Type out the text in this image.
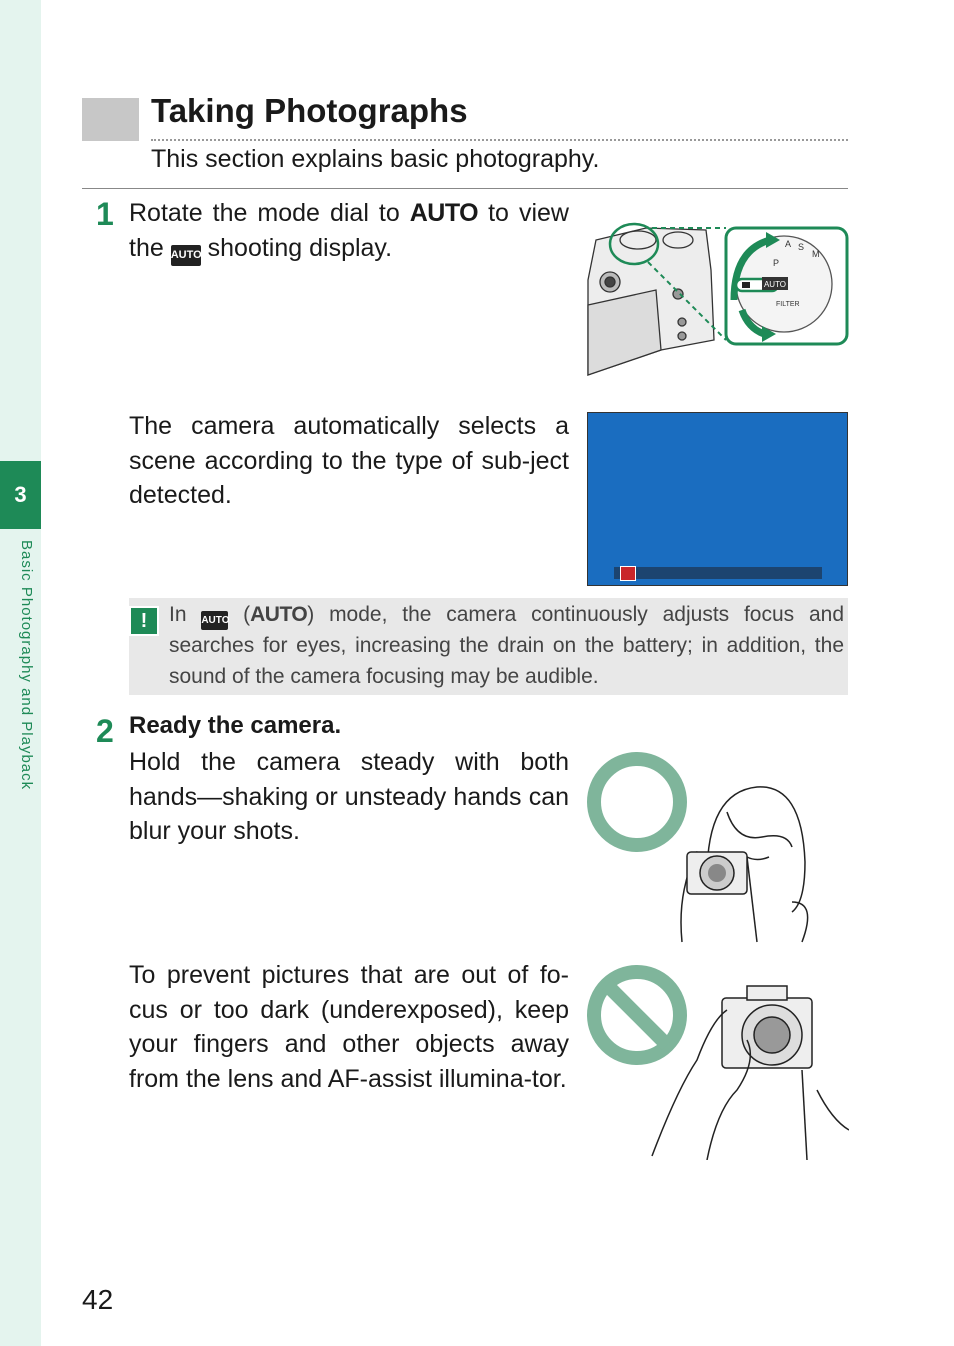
3
Basic Photography and Playback
Taking Photographs
This section explains basic photography.
1 Rotate the mode dial to AUTO to view the AUTO shooting display.
AUTO
M
S
A
P
FILTER
The camera automatically selects a scene according to the type of sub-ject detected.
!	In AUTO (AUTO) mode, the camera continuously adjusts focus and searches for eyes, increasing the drain on the battery; in addition, the sound of the camera focusing may be audible.
2 Ready the camera.
Hold the camera steady with both hands—shaking or unsteady hands can blur your shots.
To prevent pictures that are out of fo-cus or too dark (underexposed), keep your fingers and other objects away from the lens and AF-assist illumina-tor.
42
